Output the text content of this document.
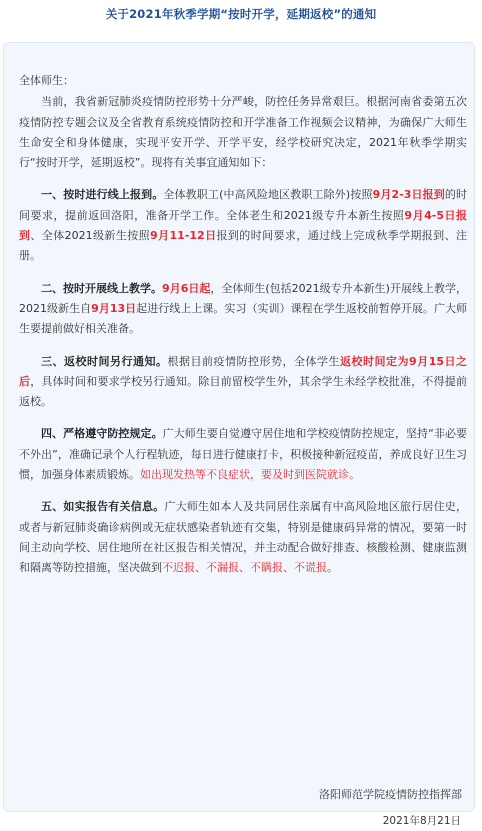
关于2021年秋季学期“按时开学，延期返校”的通知

全体师生：

当前，我省新冠肺炎疫情防控形势十分严峻，防控任务异常艰巨。根据河南省委第五次疫情防控专题会议及全省教育系统疫情防控和开学准备工作视频会议精神，为确保广大师生生命安全和身体健康，实现平安开学、开学平安，经学校研究决定，2021年秋季学期实行“按时开学，延期返校”。现将有关事宜通知如下：

一、按时进行线上报到。全体教职工(中高风险地区教职工除外)按照9月2-3日报到的时间要求，提前返回洛阳，准备开学工作。全体老生和2021级专升本新生按照9月4-5日报到、全体2021级新生按照9月11-12日报到的时间要求，通过线上完成秋季学期报到、注册。

二、按时开展线上教学。9月6日起，全体师生(包括2021级专升本新生)开展线上教学，2021级新生自9月13日起进行线上上课。实习（实训）课程在学生返校前暂停开展。广大师生要提前做好相关准备。

三、返校时间另行通知。根据目前疫情防控形势，全体学生返校时间定为9月15日之后，具体时间和要求学校另行通知。除目前留校学生外，其余学生未经学校批准，不得提前返校。

四、严格遵守防控规定。广大师生要自觉遵守居住地和学校疫情防控规定，坚持“非必要不外出”，准确记录个人行程轨迹，每日进行健康打卡，积极接种新冠疫苗，养成良好卫生习惯，加强身体素质锻炼。如出现发热等不良症状，要及时到医院就诊。

五、如实报告有关信息。广大师生如本人及共同居住亲属有中高风险地区旅行居住史，或者与新冠肺炎确诊病例或无症状感染者轨迹有交集，特别是健康码异常的情况，要第一时间主动向学校、居住地所在社区报告相关情况，并主动配合做好排查、核酸检测、健康监测和隔离等防控措施，坚决做到不迟报、不漏报、不瞒报、不谎报。

洛阳师范学院疫情防控指挥部
2021年8月21日
